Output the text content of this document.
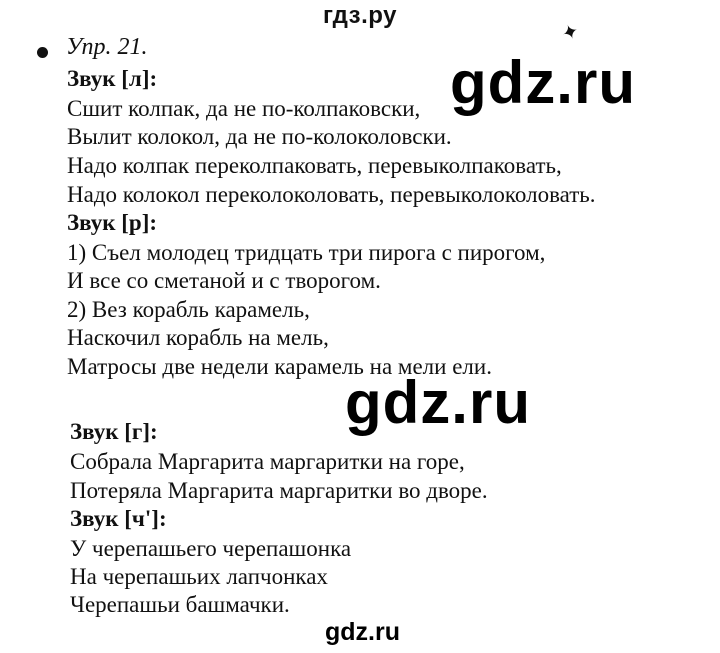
гдз.ру
✦
Упр. 21.
Звук [л]:
Сшит колпак, да не по-колпаковски,
Вылит колокол, да не по-колоколовски.
Надо колпак переколпаковать, перевыколпаковать,
Надо колокол переколоколовать, перевыколоколовать.
Звук [р]:
1) Съел молодец тридцать три пирога с пирогом,
И все со сметаной и с творогом.
2) Вез корабль карамель,
Наскочил корабль на мель,
Матросы две недели карамель на мели ели.
Звук [г]:
Собрала Маргарита маргаритки на горе,
Потеряла Маргарита маргаритки во дворе.
Звук [ч']:
У черепашьего черепашонка
На черепашьих лапчонках
Черепашьи башмачки.
gdz.ru
gdz.ru
gdz.ru
